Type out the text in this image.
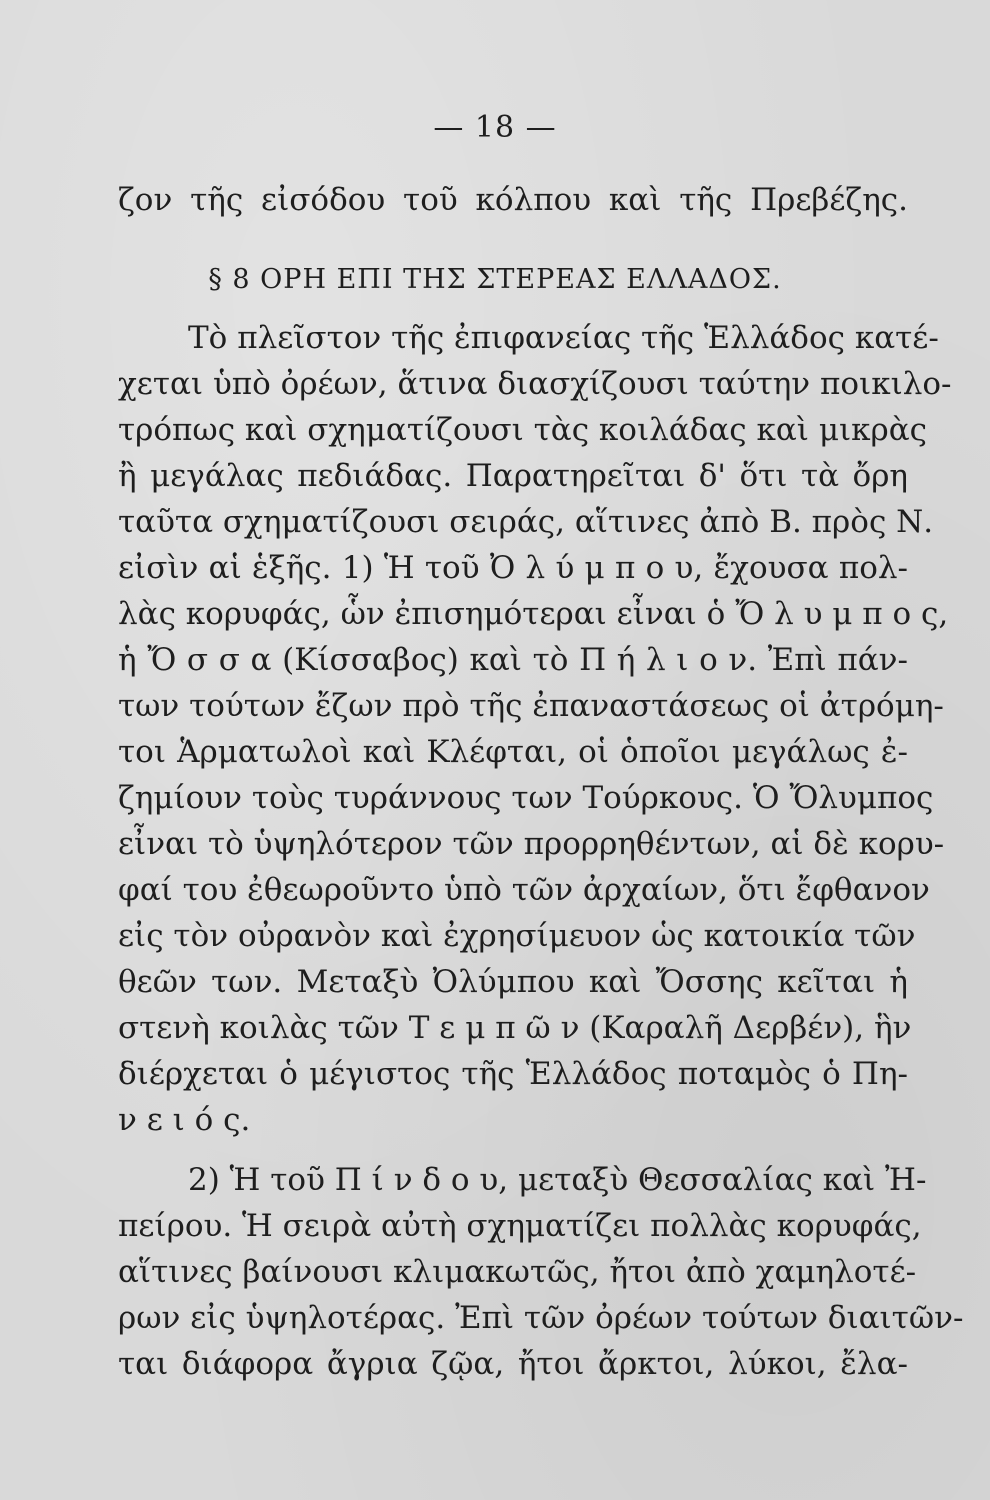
— 18 —
ζον τῆς εἰσόδου τοῦ κόλπου καὶ τῆς Πρεβέζης.
§ 8 ΟΡΗ ΕΠΙ ΤΗΣ ΣΤΕΡΕΑΣ ΕΛΛΑΔΟΣ.
Τὸ πλεῖστον τῆς ἐπιφανείας τῆς Ἑλλάδος κατέ-
χεται ὑπὸ ὀρέων, ἅτινα διασχίζουσι ταύτην ποικιλο-
τρόπως καὶ σχηματίζουσι τὰς κοιλάδας καὶ μικρὰς
ἢ μεγάλας πεδιάδας. Παρατηρεῖται δ' ὅτι τὰ ὄρη
ταῦτα σχηματίζουσι σειράς, αἵτινες ἀπὸ Β. πρὸς Ν.
εἰσὶν αἱ ἑξῆς. 1) Ἡ τοῦ Ὀ λ ύ μ π ο υ, ἔχουσα πολ-
λὰς κορυφάς, ὧν ἐπισημότεραι εἶναι ὁ Ὄ λ υ μ π ο ς,
ἡ Ὄ σ σ α (Κίσσαβος) καὶ τὸ Π ή λ ι ο ν. Ἐπὶ πάν-
των τούτων ἔζων πρὸ τῆς ἐπαναστάσεως οἱ ἀτρόμη-
τοι Ἁρματωλοὶ καὶ Κλέφται, οἱ ὁποῖοι μεγάλως ἐ-
ζημίουν τοὺς τυράννους των Τούρκους. Ὁ Ὄλυμπος
εἶναι τὸ ὑψηλότερον τῶν προρρηθέντων, αἱ δὲ κορυ-
φαί του ἐθεωροῦντο ὑπὸ τῶν ἀρχαίων, ὅτι ἔφθανον
εἰς τὸν οὐρανὸν καὶ ἐχρησίμευον ὡς κατοικία τῶν
θεῶν των. Μεταξὺ Ὀλύμπου καὶ Ὄσσης κεῖται ἡ
στενὴ κοιλὰς τῶν Τ ε μ π ῶ ν (Καραλῆ Δερβέν), ἣν
διέρχεται ὁ μέγιστος τῆς Ἑλλάδος ποταμὸς ὁ Πη-
ν ε ι ό ς.
2) Ἡ τοῦ Π ί ν δ ο υ, μεταξὺ Θεσσαλίας καὶ Ἠ-
πείρου. Ἡ σειρὰ αὐτὴ σχηματίζει πολλὰς κορυφάς,
αἵτινες βαίνουσι κλιμακωτῶς, ἤτοι ἀπὸ χαμηλοτέ-
ρων εἰς ὑψηλοτέρας. Ἐπὶ τῶν ὀρέων τούτων διαιτῶν-
ται διάφορα ἄγρια ζῷα, ἤτοι ἄρκτοι, λύκοι, ἔλα-
